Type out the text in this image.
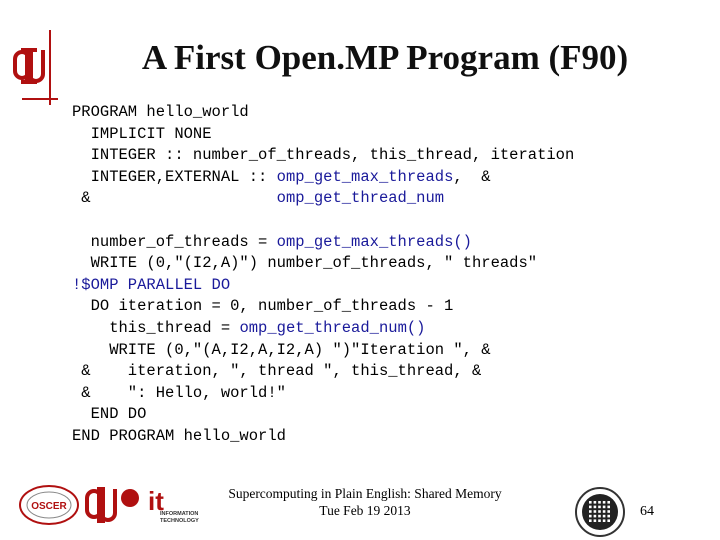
A First Open.MP Program (F90)
PROGRAM hello_world
IMPLICIT NONE
INTEGER :: number_of_threads, this_thread, iteration
INTEGER,EXTERNAL :: omp_get_max_threads,  &
&                    omp_get_thread_num
number_of_threads = omp_get_max_threads()
WRITE (0,"(I2,A)") number_of_threads, " threads"
!$OMP PARALLEL DO
DO iteration = 0, number_of_threads - 1
this_thread = omp_get_thread_num()
WRITE (0,"(A,I2,A,I2,A) ")"Iteration ", &
&    iteration, ", thread ", this_thread, &
&    ": Hello, world!"
END DO
END PROGRAM hello_world
OSCER	it
INFORMATION
TECHNOLOGY
Supercomputing in Plain English: Shared Memory
Tue Feb 19 2013	64
